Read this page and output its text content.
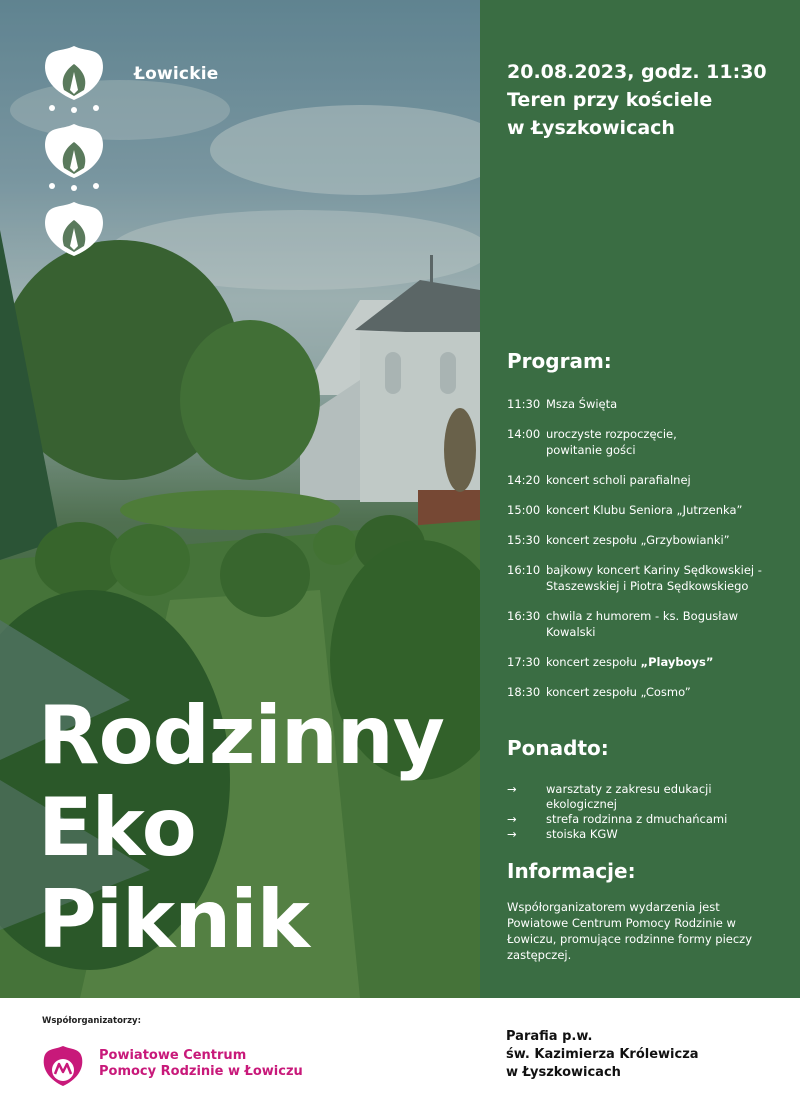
Łowickie
Rodzinny
Eko
Piknik
20.08.2023, godz. 11:30
Teren przy kościele
w Łyszkowicach
Program:
11:30 Msza Święta
14:00 uroczyste rozpoczęcie, powitanie gości
14:20 koncert scholi parafialnej
15:00 koncert Klubu Seniora „Jutrzenka”
15:30 koncert zespołu „Grzybowianki”
16:10 bajkowy koncert Kariny Sędkowskiej -Staszewskiej i Piotra Sędkowskiego
16:30 chwila z humorem - ks. Bogusław Kowalski
17:30 koncert zespołu „Playboys”
18:30 koncert zespołu „Cosmo”
Ponadto:
→	warsztaty z zakresu edukacji ekologicznej
→	strefa rodzinna z dmuchańcami
→	stoiska KGW
Informacje:
Współorganizatorem wydarzenia jest Powiatowe Centrum Pomocy Rodzinie w Łowiczu, promujące rodzinne formy pieczy zastępczej.
Współorganizatorzy:
Powiatowe Centrum
Pomocy Rodzinie w Łowiczu
Parafia p.w.
św. Kazimierza Królewicza
w Łyszkowicach
